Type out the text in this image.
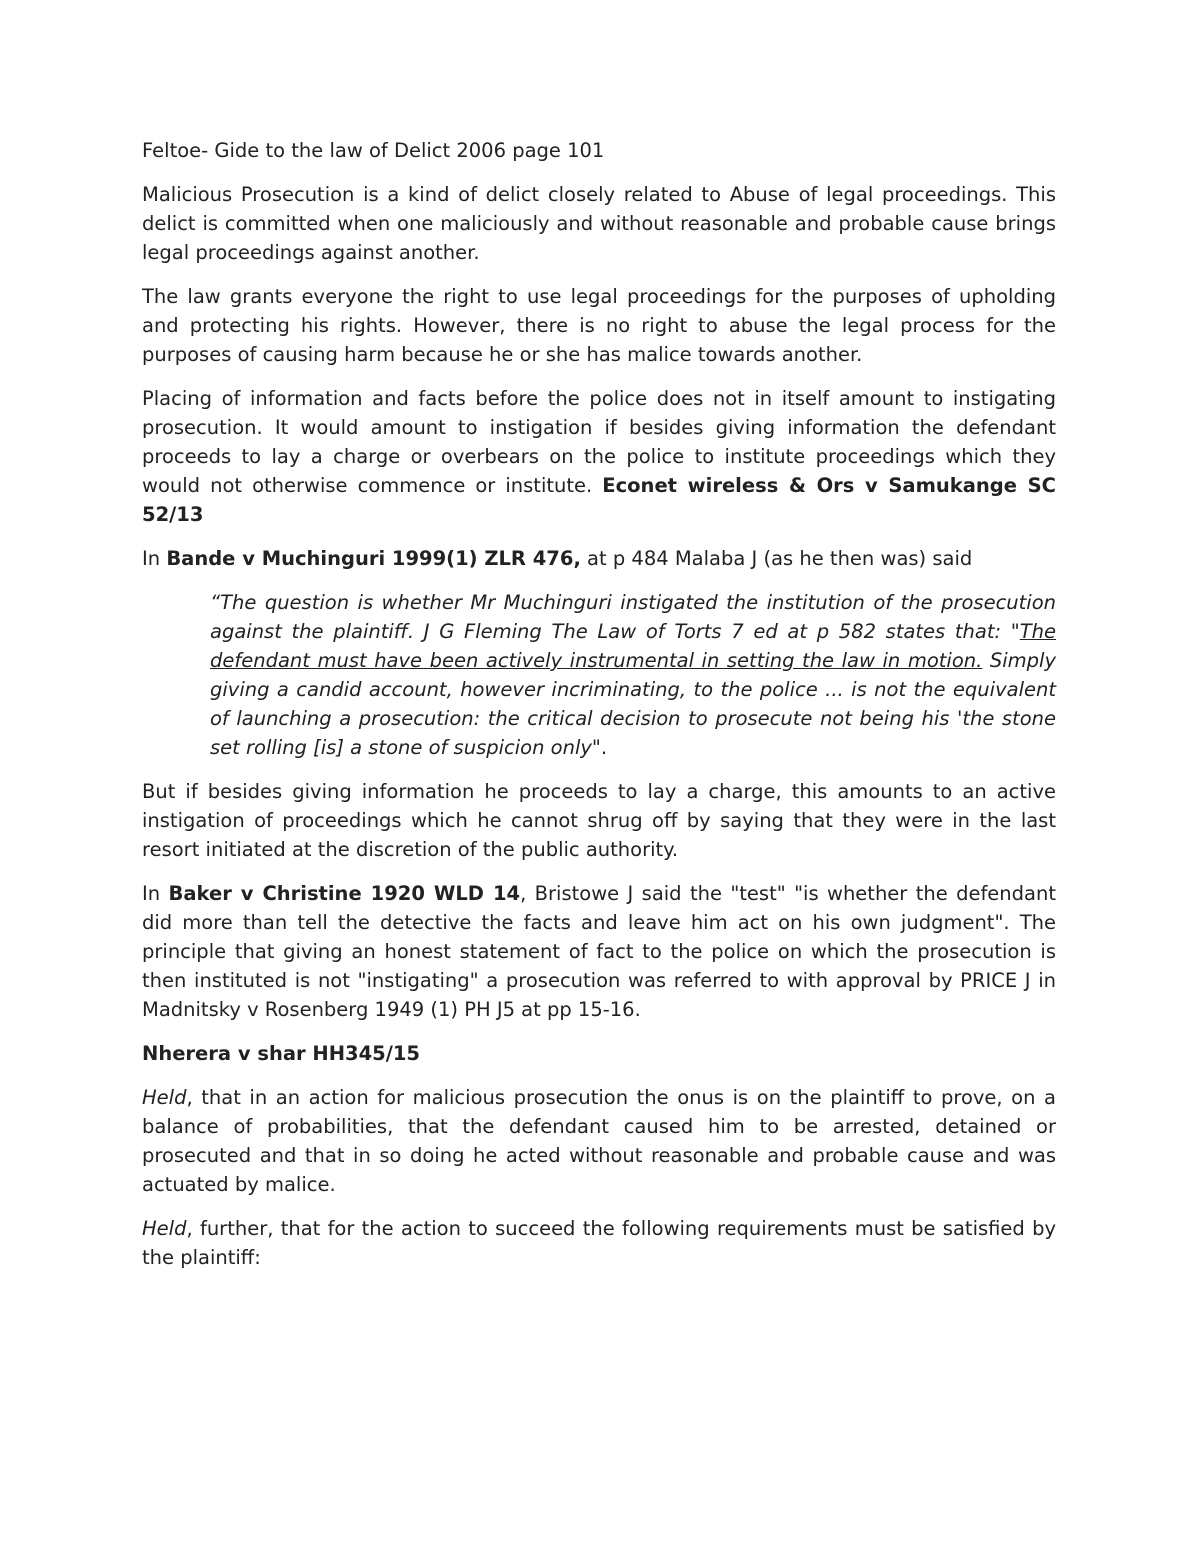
Feltoe- Gide to the law of Delict 2006 page 101

Malicious Prosecution is a kind of delict closely related to Abuse of legal proceedings. This delict is committed when one maliciously and without reasonable and probable cause brings legal proceedings against another.

The law grants everyone the right to use legal proceedings for the purposes of upholding and protecting his rights. However, there is no right to abuse the legal process for the purposes of causing harm because he or she has malice towards another.

Placing of information and facts before the police does not in itself amount to instigating prosecution. It would amount to instigation if besides giving information the defendant proceeds to lay a charge or overbears on the police to institute proceedings which they would not otherwise commence or institute. Econet wireless & Ors v Samukange SC 52/13

In Bande v Muchinguri 1999(1) ZLR 476, at p 484 Malaba J (as he then was) said

“The question is whether Mr Muchinguri instigated the institution of the prosecution against the plaintiff. J G Fleming The Law of Torts 7 ed at p 582 states that: "The defendant must have been actively instrumental in setting the law in motion. Simply giving a candid account, however incriminating, to the police ... is not the equivalent of launching a prosecution: the critical decision to prosecute not being his 'the stone set rolling [is] a stone of suspicion only".

But if besides giving information he proceeds to lay a charge, this amounts to an active instigation of proceedings which he cannot shrug off by saying that they were in the last resort initiated at the discretion of the public authority.

In Baker v Christine 1920 WLD 14, Bristowe J said the "test" "is whether the defendant did more than tell the detective the facts and leave him act on his own judgment". The principle that giving an honest statement of fact to the police on which the prosecution is then instituted is not "instigating" a prosecution was referred to with approval by PRICE J in Madnitsky v Rosenberg 1949 (1) PH J5 at pp 15-16.

Nherera v shar HH345/15

Held, that in an action for malicious prosecution the onus is on the plaintiff to prove, on a balance of probabilities, that the defendant caused him to be arrested, detained or prosecuted and that in so doing he acted without reasonable and probable cause and was actuated by malice.

Held, further, that for the action to succeed the following requirements must be satisfied by the plaintiff:
